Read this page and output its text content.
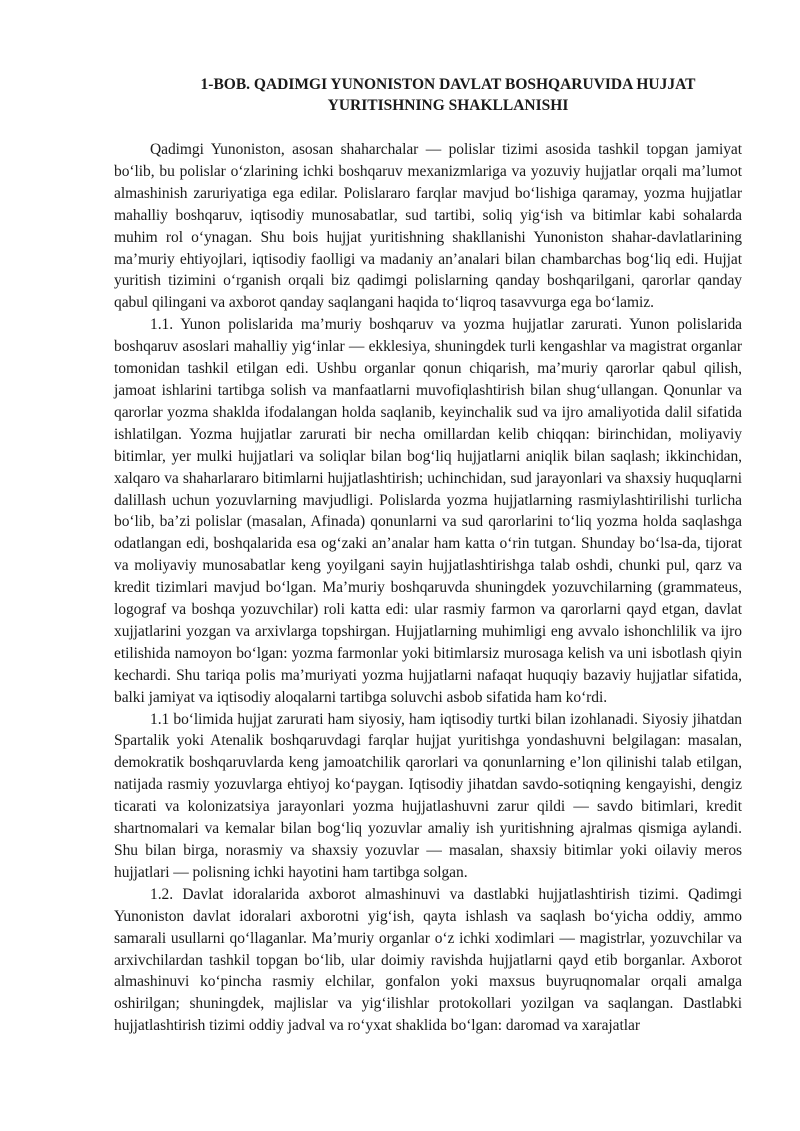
1-BOB. QADIMGI YUNONISTON DAVLAT BOSHQARUVIDA HUJJAT
YURITISHNING SHAKLLANISHI

Qadimgi Yunoniston, asosan shaharchalar — polislar tizimi asosida tashkil topgan jamiyat bo‘lib, bu polislar o‘zlarining ichki boshqaruv mexanizmlariga va yozuviy hujjatlar orqali ma’lumot almashinish zaruriyatiga ega edilar. Polislararo farqlar mavjud bo‘lishiga qaramay, yozma hujjatlar mahalliy boshqaruv, iqtisodiy munosabatlar, sud tartibi, soliq yig‘ish va bitimlar kabi sohalarda muhim rol o‘ynagan. Shu bois hujjat yuritishning shakllanishi Yunoniston shahar-davlatlarining ma’muriy ehtiyojlari, iqtisodiy faolligi va madaniy an’analari bilan chambarchas bog‘liq edi. Hujjat yuritish tizimini o‘rganish orqali biz qadimgi polislarning qanday boshqarilgani, qarorlar qanday qabul qilingani va axborot qanday saqlangani haqida to‘liqroq tasavvurga ega bo‘lamiz.

1.1. Yunon polislarida ma’muriy boshqaruv va yozma hujjatlar zarurati. Yunon polislarida boshqaruv asoslari mahalliy yig‘inlar — ekklesiya, shuningdek turli kengashlar va magistrat organlar tomonidan tashkil etilgan edi. Ushbu organlar qonun chiqarish, ma’muriy qarorlar qabul qilish, jamoat ishlarini tartibga solish va manfaatlarni muvofiqlashtirish bilan shug‘ullangan. Qonunlar va qarorlar yozma shaklda ifodalangan holda saqlanib, keyinchalik sud va ijro amaliyotida dalil sifatida ishlatilgan. Yozma hujjatlar zarurati bir necha omillardan kelib chiqqan: birinchidan, moliyaviy bitimlar, yer mulki hujjatlari va soliqlar bilan bog‘liq hujjatlarni aniqlik bilan saqlash; ikkinchidan, xalqaro va shaharlararo bitimlarni hujjatlashtirish; uchinchidan, sud jarayonlari va shaxsiy huquqlarni dalillash uchun yozuvlarning mavjudligi. Polislarda yozma hujjatlarning rasmiylashtirilishi turlicha bo‘lib, ba’zi polislar (masalan, Afinada) qonunlarni va sud qarorlarini to‘liq yozma holda saqlashga odatlangan edi, boshqalarida esa og‘zaki an’analar ham katta o‘rin tutgan. Shunday bo‘lsa-da, tijorat va moliyaviy munosabatlar keng yoyilgani sayin hujjatlashtirishga talab oshdi, chunki pul, qarz va kredit tizimlari mavjud bo‘lgan. Ma’muriy boshqaruvda shuningdek yozuvchilarning (grammateus, logograf va boshqa yozuvchilar) roli katta edi: ular rasmiy farmon va qarorlarni qayd etgan, davlat xujjatlarini yozgan va arxivlarga topshirgan. Hujjatlarning muhimligi eng avvalo ishonchlilik va ijro etilishida namoyon bo‘lgan: yozma farmonlar yoki bitimlarsiz murosaga kelish va uni isbotlash qiyin kechardi. Shu tariqa polis ma’muriyati yozma hujjatlarni nafaqat huquqiy bazaviy hujjatlar sifatida, balki jamiyat va iqtisodiy aloqalarni tartibga soluvchi asbob sifatida ham ko‘rdi.

1.1 bo‘limida hujjat zarurati ham siyosiy, ham iqtisodiy turtki bilan izohlanadi. Siyosiy jihatdan Spartalik yoki Atenalik boshqaruvdagi farqlar hujjat yuritishga yondashuvni belgilagan: masalan, demokratik boshqaruvlarda keng jamoatchilik qarorlari va qonunlarning e’lon qilinishi talab etilgan, natijada rasmiy yozuvlarga ehtiyoj ko‘paygan. Iqtisodiy jihatdan savdo-sotiqning kengayishi, dengiz ticarati va kolonizatsiya jarayonlari yozma hujjatlashuvni zarur qildi — savdo bitimlari, kredit shartnomalari va kemalar bilan bog‘liq yozuvlar amaliy ish yuritishning ajralmas qismiga aylandi. Shu bilan birga, norasmiy va shaxsiy yozuvlar — masalan, shaxsiy bitimlar yoki oilaviy meros hujjatlari — polisning ichki hayotini ham tartibga solgan.

1.2. Davlat idoralarida axborot almashinuvi va dastlabki hujjatlashtirish tizimi. Qadimgi Yunoniston davlat idoralari axborotni yig‘ish, qayta ishlash va saqlash bo‘yicha oddiy, ammo samarali usullarni qo‘llaganlar. Ma’muriy organlar o‘z ichki xodimlari — magistrlar, yozuvchilar va arxivchilardan tashkil topgan bo‘lib, ular doimiy ravishda hujjatlarni qayd etib borganlar. Axborot almashinuvi ko‘pincha rasmiy elchilar, gonfalon yoki maxsus buyruqnomalar orqali amalga oshirilgan; shuningdek, majlislar va yig‘ilishlar protokollari yozilgan va saqlangan. Dastlabki hujjatlashtirish tizimi oddiy jadval va ro‘yxat shaklida bo‘lgan: daromad va xarajatlar
